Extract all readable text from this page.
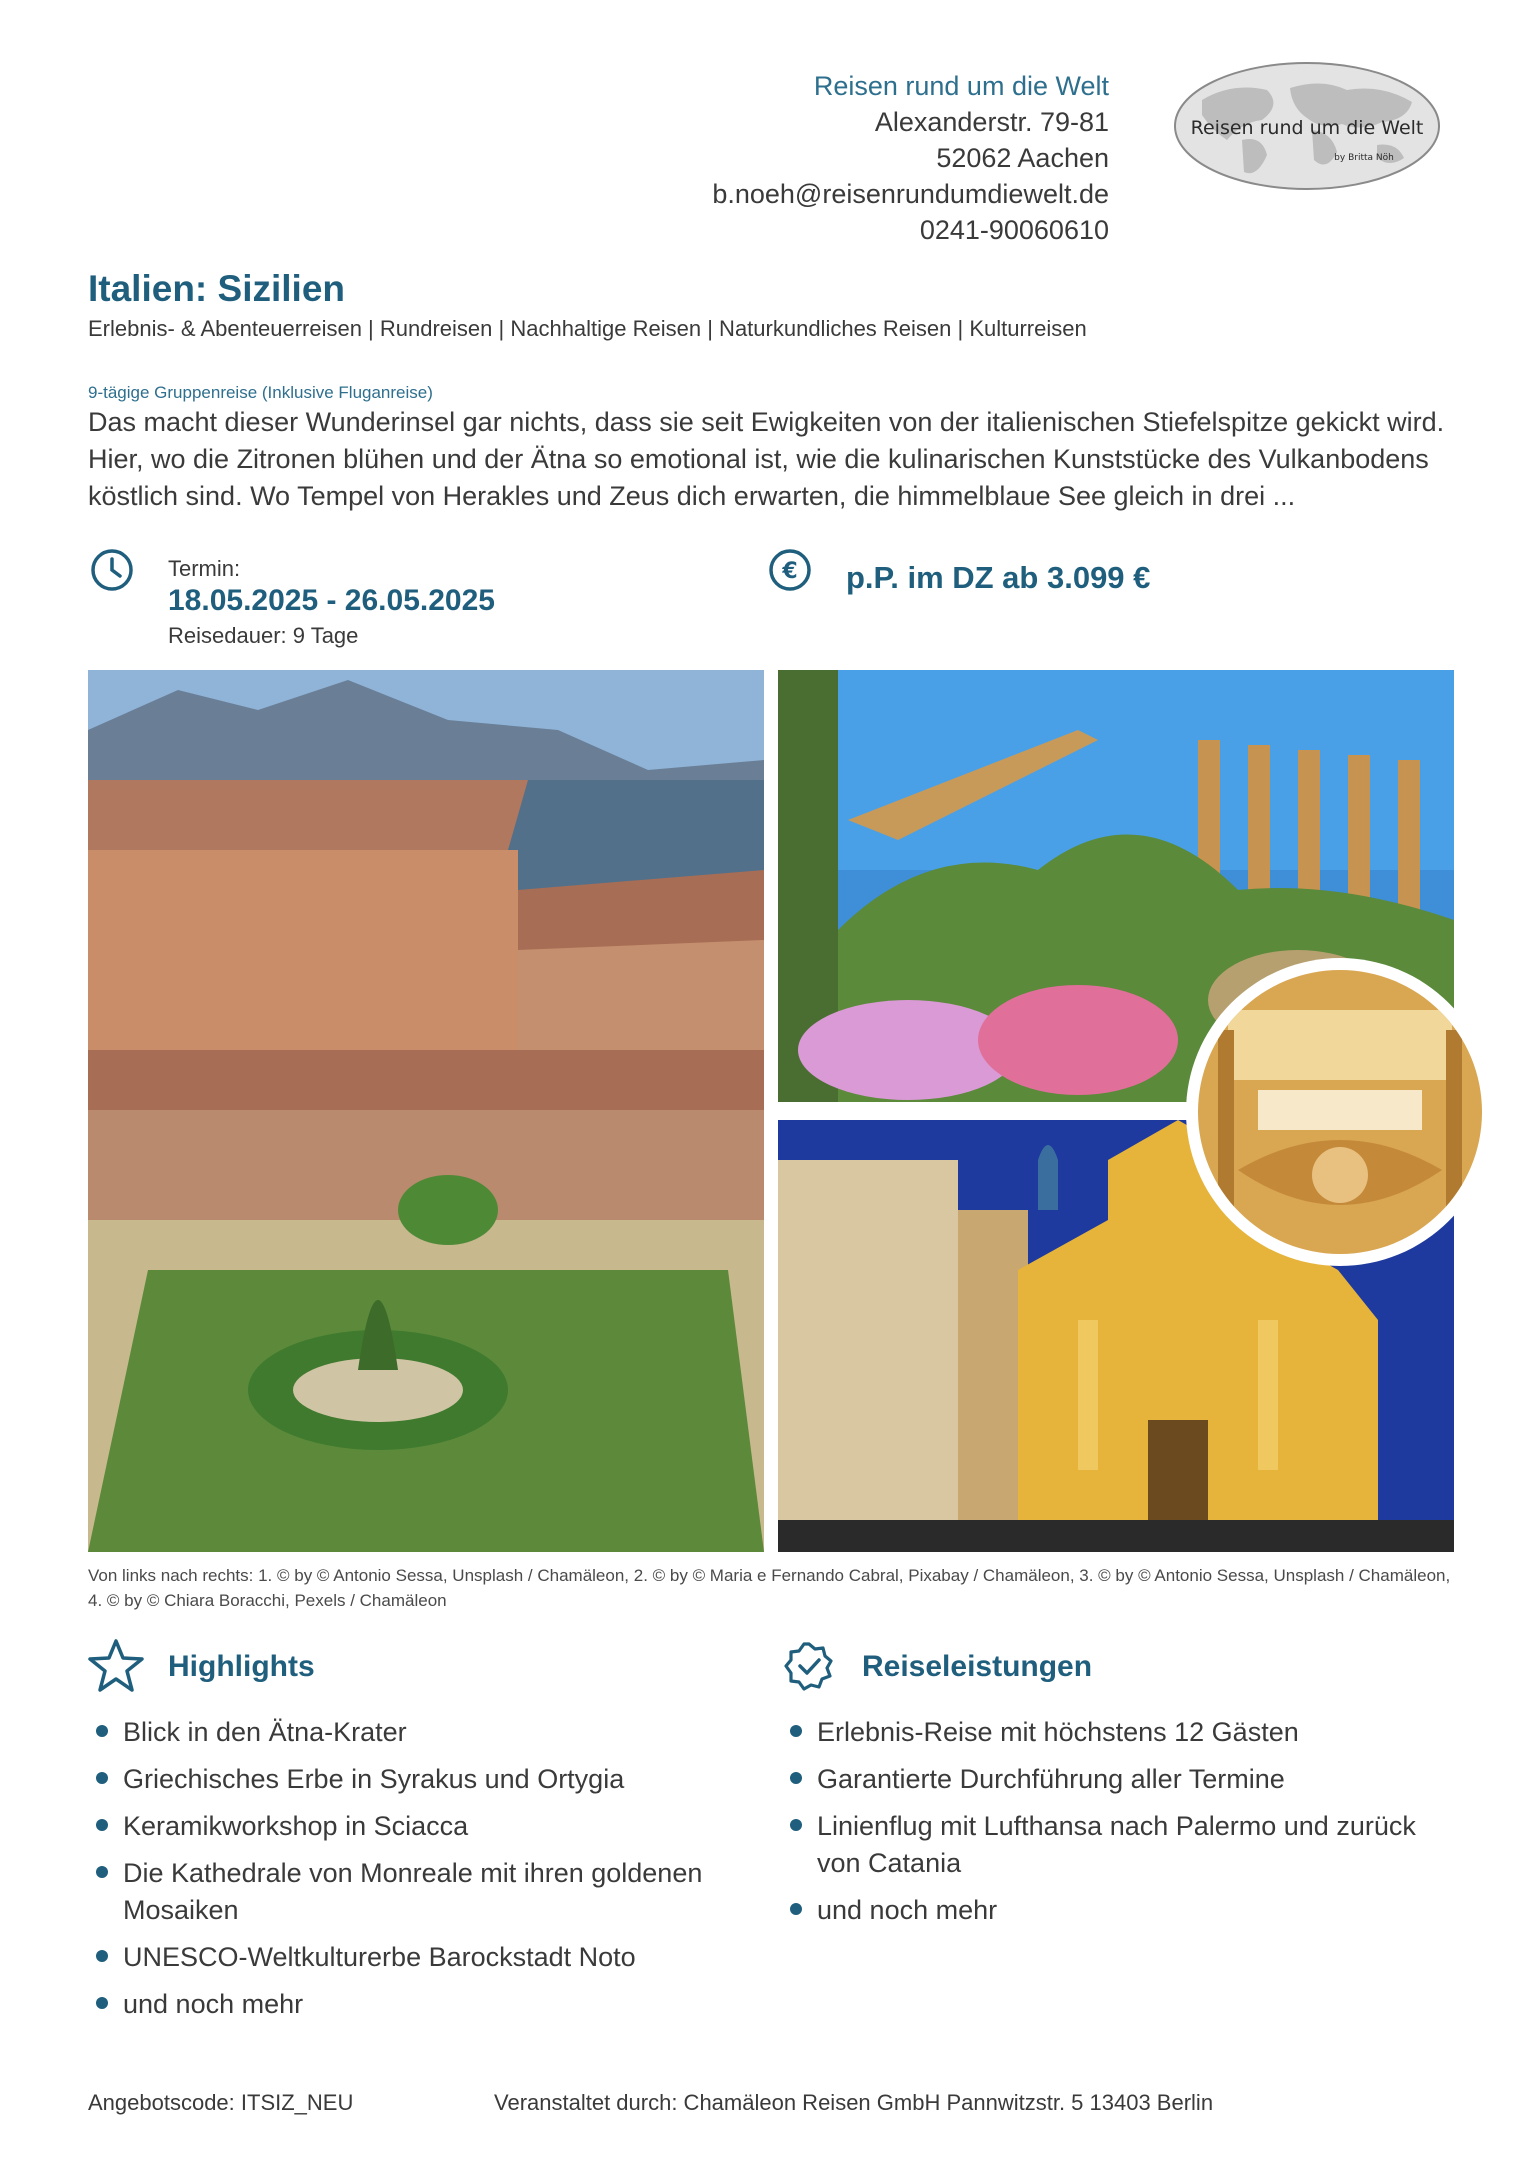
Reisen rund um die Welt
Alexanderstr. 79-81
52062 Aachen
b.noeh@reisenrundumdiewelt.de
0241-90060610
Reisen rund um die Welt
by Britta Nöh
Italien: Sizilien
Erlebnis- & Abenteuerreisen | Rundreisen | Nachhaltige Reisen | Naturkundliches Reisen | Kulturreisen
9-tägige Gruppenreise (Inklusive Fluganreise)
Das macht dieser Wunderinsel gar nichts, dass sie seit Ewigkeiten von der italienischen Stiefelspitze gekickt wird. Hier, wo die Zitronen blühen und der Ätna so emotional ist, wie die kulinarischen Kunststücke des Vulkanbodens köstlich sind. Wo Tempel von Herakles und Zeus dich erwarten, die himmelblaue See gleich in drei ...
Termin:
18.05.2025 - 26.05.2025
Reisedauer: 9 Tage
€ p.P. im DZ ab 3.099 €
Von links nach rechts: 1. © by © Antonio Sessa, Unsplash / Chamäleon, 2. © by © Maria e Fernando Cabral, Pixabay / Chamäleon, 3. © by © Antonio Sessa, Unsplash / Chamäleon, 4. © by © Chiara Boracchi, Pexels / Chamäleon
Highlights
Blick in den Ätna-Krater
Griechisches Erbe in Syrakus und Ortygia
Keramikworkshop in Sciacca
Die Kathedrale von Monreale mit ihren goldenen Mosaiken
UNESCO-Weltkulturerbe Barockstadt Noto
und noch mehr
Reiseleistungen
Erlebnis-Reise mit höchstens 12 Gästen
Garantierte Durchführung aller Termine
Linienflug mit Lufthansa nach Palermo und zurück von Catania
und noch mehr
Angebotscode: ITSIZ_NEU	Veranstaltet durch: Chamäleon Reisen GmbH Pannwitzstr. 5 13403 Berlin
